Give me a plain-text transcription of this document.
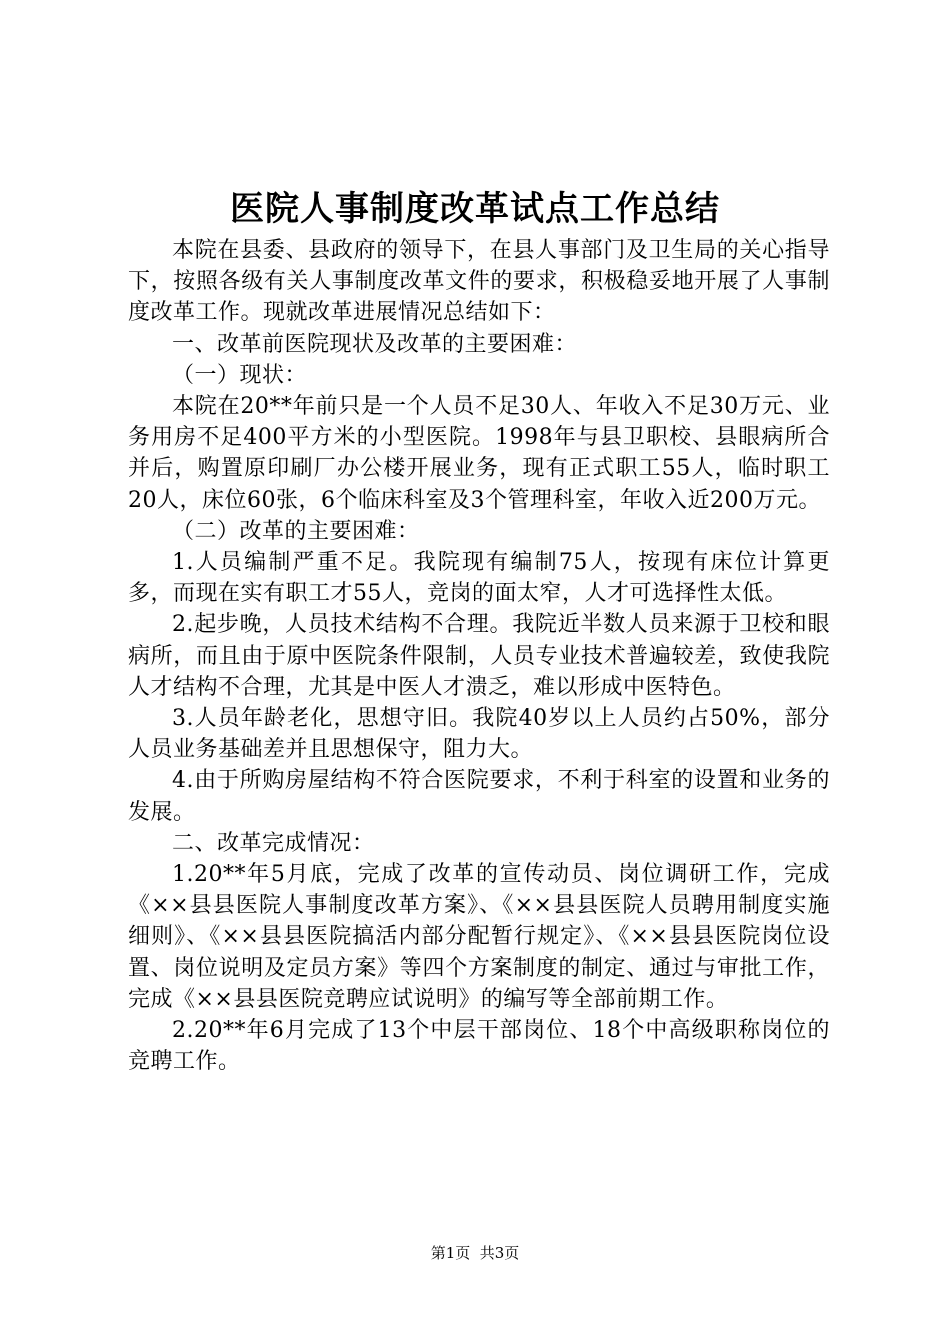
医院人事制度改革试点工作总结

本院在县委、县政府的领导下，在县人事部门及卫生局的关心指导下，按照各级有关人事制度改革文件的要求，积极稳妥地开展了人事制度改革工作。现就改革进展情况总结如下：

一、改革前医院现状及改革的主要困难：

（一）现状：

本院在20**年前只是一个人员不足30人、年收入不足30万元、业务用房不足400平方米的小型医院。1998年与县卫职校、县眼病所合并后，购置原印刷厂办公楼开展业务，现有正式职工55人，临时职工20人，床位60张，6个临床科室及3个管理科室，年收入近200万元。

（二）改革的主要困难：

1.人员编制严重不足。我院现有编制75人，按现有床位计算更多，而现在实有职工才55人，竞岗的面太窄，人才可选择性太低。

2.起步晚，人员技术结构不合理。我院近半数人员来源于卫校和眼病所，而且由于原中医院条件限制，人员专业技术普遍较差，致使我院人才结构不合理，尤其是中医人才溃乏，难以形成中医特色。

3.人员年龄老化，思想守旧。我院40岁以上人员约占50%，部分人员业务基础差并且思想保守，阻力大。

4.由于所购房屋结构不符合医院要求，不利于科室的设置和业务的发展。

二、改革完成情况：

1.20**年5月底，完成了改革的宣传动员、岗位调研工作，完成《××县县医院人事制度改革方案》、《××县县医院人员聘用制度实施细则》、《××县县医院搞活内部分配暂行规定》、《××县县医院岗位设置、岗位说明及定员方案》等四个方案制度的制定、通过与审批工作，完成《××县县医院竞聘应试说明》的编写等全部前期工作。

2.20**年6月完成了13个中层干部岗位、18个中高级职称岗位的竞聘工作。

第1页  共3页
